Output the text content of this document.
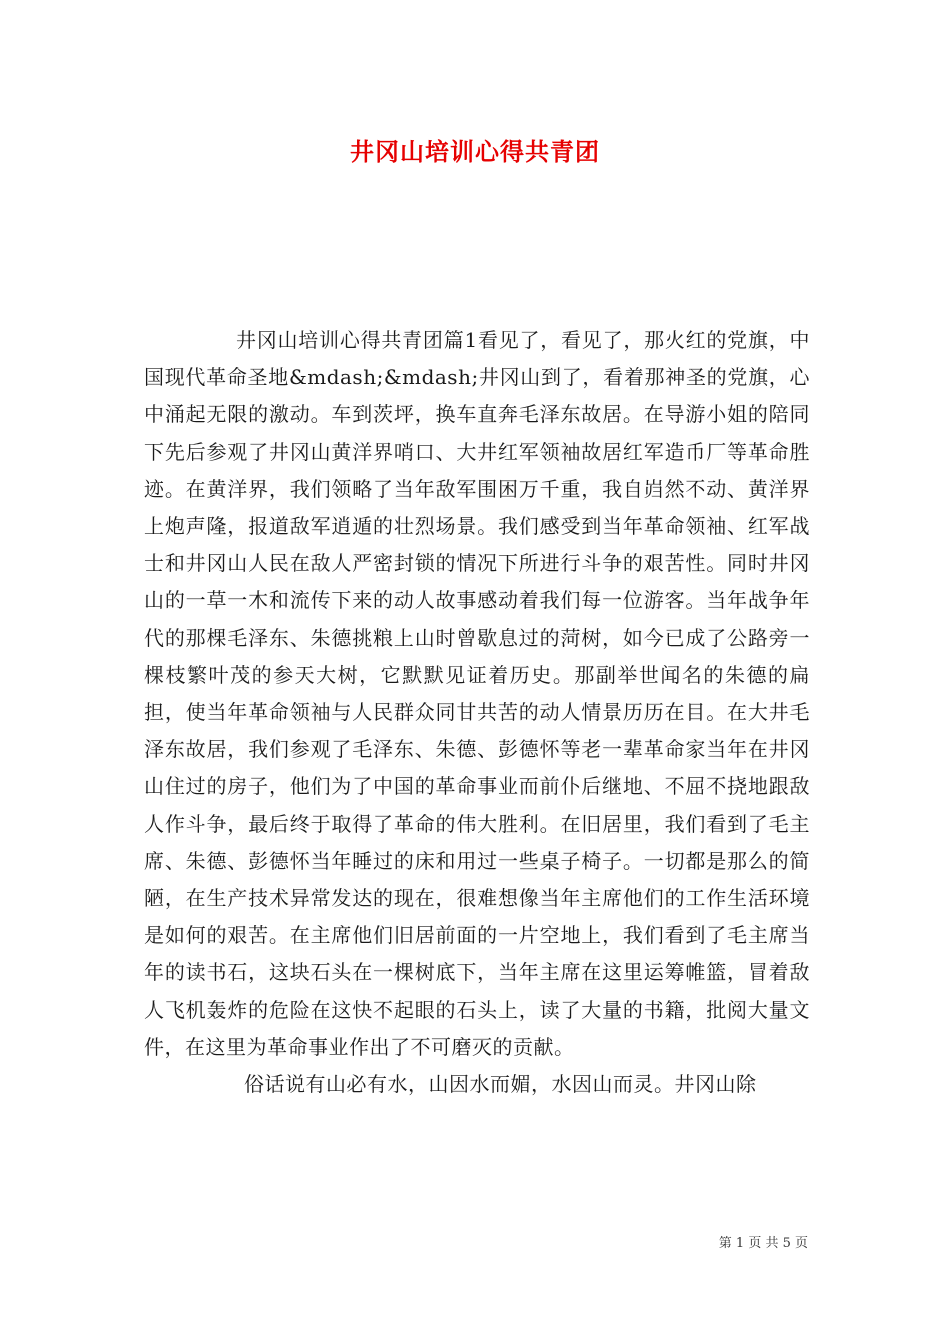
井冈山培训心得共青团

井冈山培训心得共青团篇1看见了，看见了，那火红的党旗，中国现代革命圣地&mdash;&mdash;井冈山到了，看着那神圣的党旗，心中涌起无限的激动。车到茨坪，换车直奔毛泽东故居。在导游小姐的陪同下先后参观了井冈山黄洋界哨口、大井红军领袖故居红军造币厂等革命胜迹。在黄洋界，我们领略了当年敌军围困万千重，我自岿然不动、黄洋界上炮声隆，报道敌军逍遁的壮烈场景。我们感受到当年革命领袖、红军战士和井冈山人民在敌人严密封锁的情况下所进行斗争的艰苦性。同时井冈山的一草一木和流传下来的动人故事感动着我们每一位游客。当年战争年代的那棵毛泽东、朱德挑粮上山时曾歇息过的菏树，如今已成了公路旁一棵枝繁叶茂的参天大树，它默默见证着历史。那副举世闻名的朱德的扁担，使当年革命领袖与人民群众同甘共苦的动人情景历历在目。在大井毛泽东故居，我们参观了毛泽东、朱德、彭德怀等老一辈革命家当年在井冈山住过的房子，他们为了中国的革命事业而前仆后继地、不屈不挠地跟敌人作斗争，最后终于取得了革命的伟大胜利。在旧居里，我们看到了毛主席、朱德、彭德怀当年睡过的床和用过一些桌子椅子。一切都是那么的简陋，在生产技术异常发达的现在，很难想像当年主席他们的工作生活环境是如何的艰苦。在主席他们旧居前面的一片空地上，我们看到了毛主席当年的读书石，这块石头在一棵树底下，当年主席在这里运筹帷篮，冒着敌人飞机轰炸的危险在这快不起眼的石头上，读了大量的书籍，批阅大量文件，在这里为革命事业作出了不可磨灭的贡献。

俗话说有山必有水，山因水而媚，水因山而灵。井冈山除

第 1 页 共 5 页
